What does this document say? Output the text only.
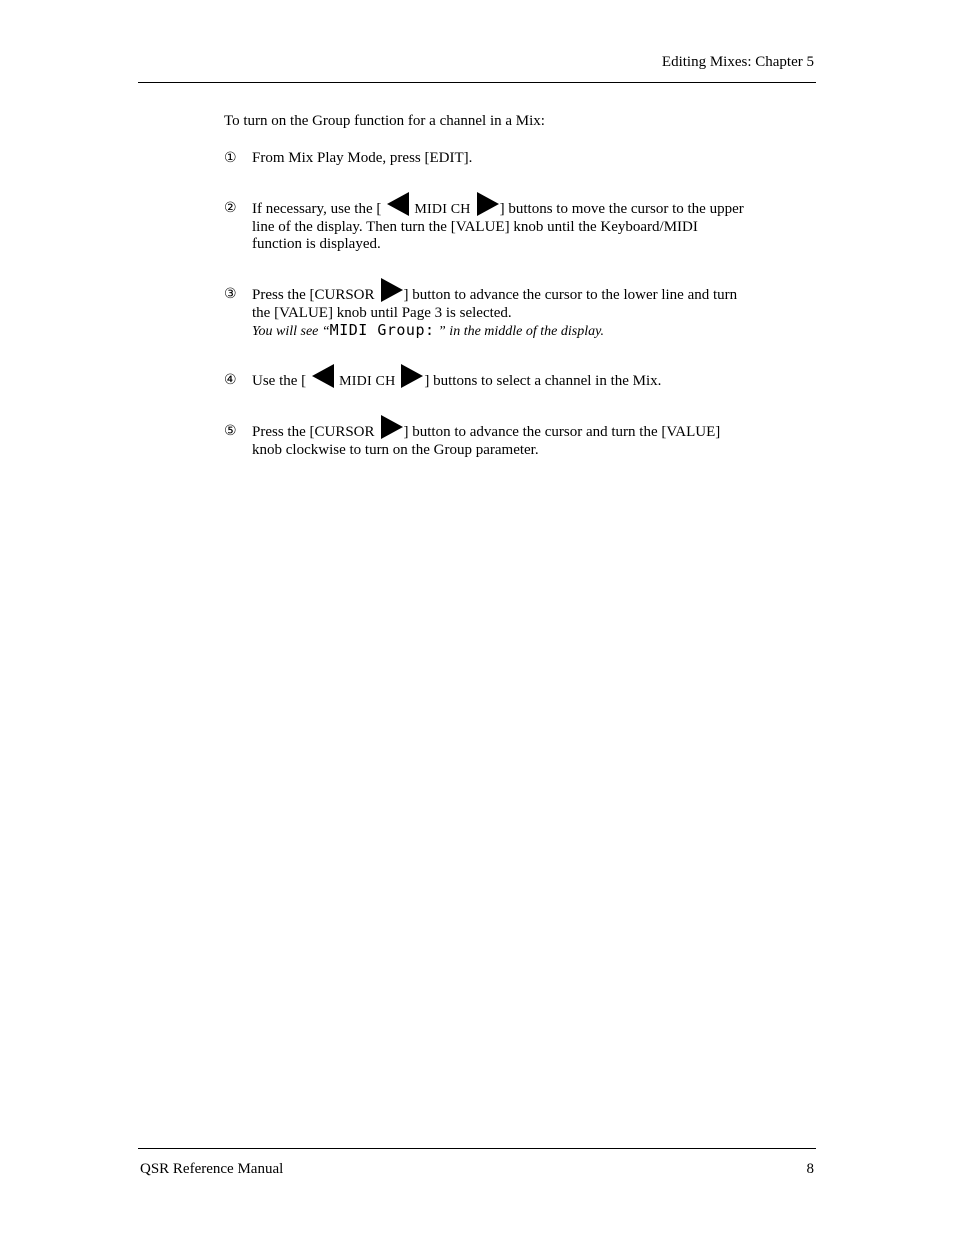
Editing Mixes: Chapter 5
To turn on the Group function for a channel in a Mix:
① From Mix Play Mode, press [EDIT].
② If necessary, use the [ MIDI CH ] buttons to move the cursor to the upper
line of the display. Then turn the [VALUE] knob until the Keyboard/MIDI
function is displayed.
③ Press the [CURSOR ] button to advance the cursor to the lower line and turn
the [VALUE] knob until Page 3 is selected.
You will see “MIDI Group: ” in the middle of the display.
④ Use the [ MIDI CH ] buttons to select a channel in the Mix.
⑤ Press the [CURSOR ] button to advance the cursor and turn the [VALUE]
knob clockwise to turn on the Group parameter.
QSR Reference Manual	8
